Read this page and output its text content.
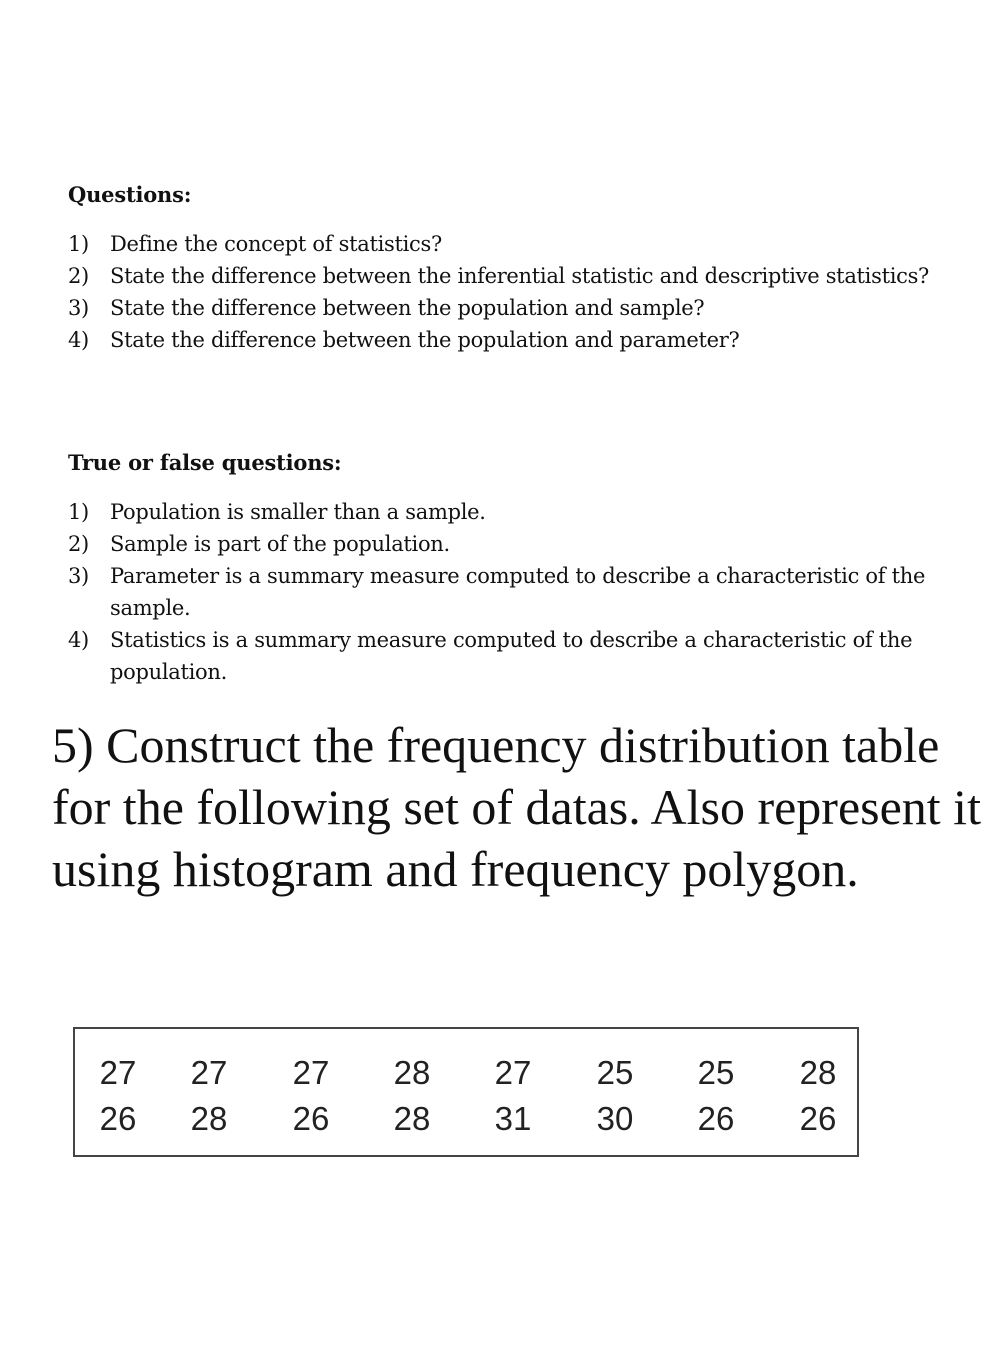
Questions:
1)	Define the concept of statistics?
2)	State the difference between the inferential statistic and descriptive statistics?
3)	State the difference between the population and sample?
4)	State the difference between the population and parameter?
True or false questions:
1)	Population is smaller than a sample.
2)	Sample is part of the population.
3)	Parameter is a summary measure computed to describe a characteristic of the sample.
4)	Statistics is a summary measure computed to describe a characteristic of the population.

5) Construct the frequency distribution table for the following set of datas. Also represent it using histogram and frequency polygon.

27	27	27	28	27	25	25	28
26	28	26	28	31	30	26	26
